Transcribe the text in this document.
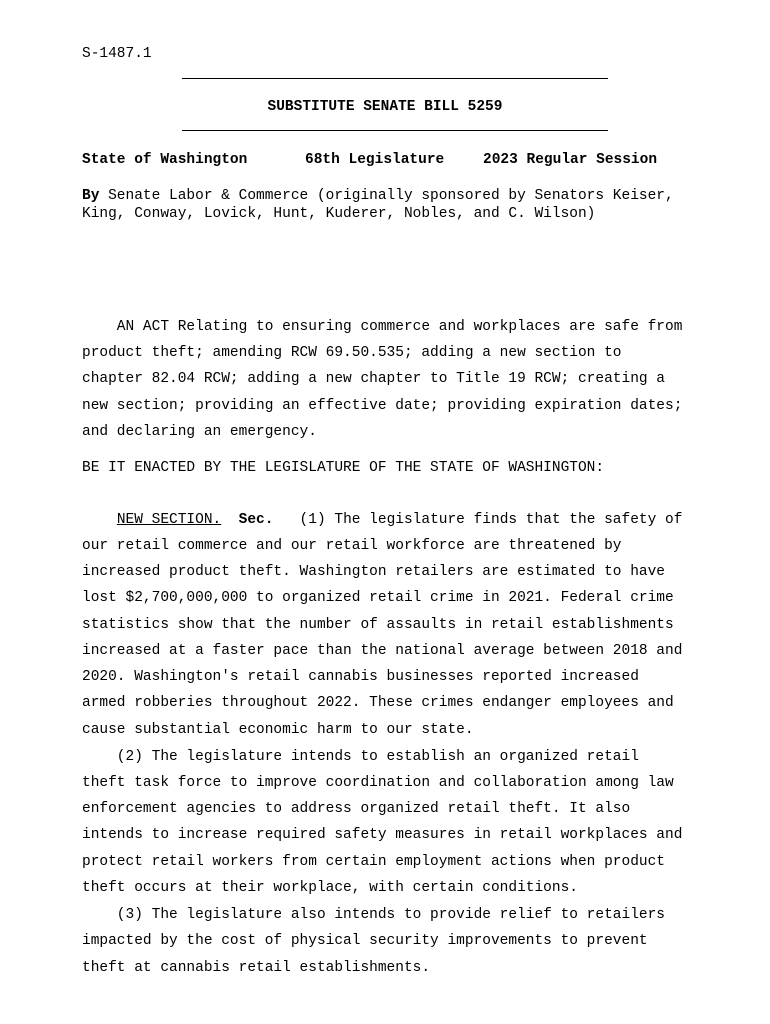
S-1487.1
SUBSTITUTE SENATE BILL 5259
State of Washington	68th Legislature	2023 Regular Session
By Senate Labor & Commerce (originally sponsored by Senators Keiser,
King, Conway, Lovick, Hunt, Kuderer, Nobles, and C. Wilson)
AN ACT Relating to ensuring commerce and workplaces are safe from
product theft; amending RCW 69.50.535; adding a new section to
chapter 82.04 RCW; adding a new chapter to Title 19 RCW; creating a
new section; providing an effective date; providing expiration dates;
and declaring an emergency.
BE IT ENACTED BY THE LEGISLATURE OF THE STATE OF WASHINGTON:
NEW SECTION. Sec.   (1) The legislature finds that the safety of
our retail commerce and our retail workforce are threatened by
increased product theft. Washington retailers are estimated to have
lost $2,700,000,000 to organized retail crime in 2021. Federal crime
statistics show that the number of assaults in retail establishments
increased at a faster pace than the national average between 2018 and
2020. Washington's retail cannabis businesses reported increased
armed robberies throughout 2022. These crimes endanger employees and
cause substantial economic harm to our state.
(2) The legislature intends to establish an organized retail
theft task force to improve coordination and collaboration among law
enforcement agencies to address organized retail theft. It also
intends to increase required safety measures in retail workplaces and
protect retail workers from certain employment actions when product
theft occurs at their workplace, with certain conditions.
(3) The legislature also intends to provide relief to retailers
impacted by the cost of physical security improvements to prevent
theft at cannabis retail establishments.
